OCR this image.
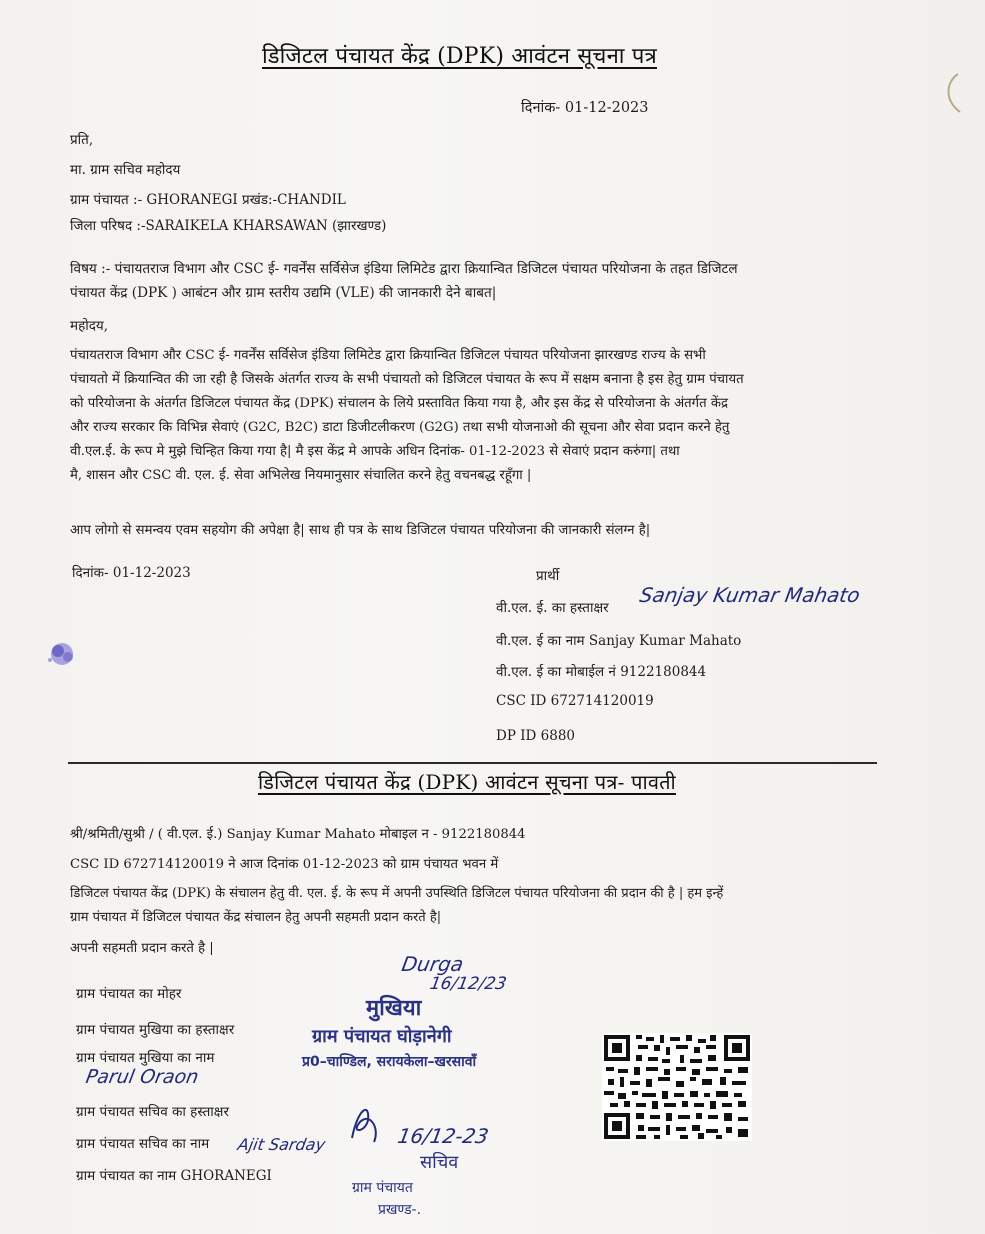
डिजिटल पंचायत केंद्र (DPK) आवंटन सूचना पत्र
दिनांक- 01-12-2023
प्रति,
मा. ग्राम सचिव महोदय
ग्राम पंचायत :- GHORANEGI प्रखंड:-CHANDIL
जिला परिषद :-SARAIKELA KHARSAWAN (झारखण्ड)
विषय :- पंचायतराज विभाग और CSC ई- गवर्नेंस सर्विसेज इंडिया लिमिटेड द्वारा क्रियान्वित डिजिटल पंचायत परियोजना के तहत डिजिटल
पंचायत केंद्र (DPK ) आबंटन और ग्राम स्तरीय उद्यमि (VLE) की जानकारी देने बाबत|
महोदय,
पंचायतराज विभाग और CSC ई- गवर्नेंस सर्विसेज इंडिया लिमिटेड द्वारा क्रियान्वित डिजिटल पंचायत परियोजना झारखण्ड राज्य के सभी
पंचायतो में क्रियान्वित की जा रही है जिसके अंतर्गत राज्य के सभी पंचायतो को डिजिटल पंचायत के रूप में सक्षम बनाना है इस हेतु ग्राम पंचायत
को परियोजना के अंतर्गत डिजिटल पंचायत केंद्र (DPK) संचालन के लिये प्रस्तावित किया गया है, और इस केंद्र से परियोजना के अंतर्गत केंद्र
और राज्य सरकार कि विभिन्न सेवाएं (G2C, B2C) डाटा डिजीटलीकरण (G2G) तथा सभी योजनाओ की सूचना और सेवा प्रदान करने हेतु
वी.एल.ई. के रूप मे मुझे चिन्हित किया गया है| मै इस केंद्र मे आपके अधिन दिनांक- 01-12-2023 से सेवाएं प्रदान करुंगा| तथा
मै, शासन और CSC वी. एल. ई. सेवा अभिलेख नियमानुसार संचालित करने हेतु वचनबद्ध रहूँगा |
आप लोगो से समन्वय एवम सहयोग की अपेक्षा है| साथ ही पत्र के साथ डिजिटल पंचायत परियोजना की जानकारी संलग्न है|
दिनांक- 01-12-2023	प्रार्थी
वी.एल. ई. का हस्ताक्षर
Sanjay Kumar Mahato
वी.एल. ई का नाम Sanjay Kumar Mahato
वी.एल. ई का मोबाईल नं 9122180844
CSC ID 672714120019
DP ID 6880
डिजिटल पंचायत केंद्र (DPK) आवंटन सूचना पत्र- पावती
श्री/श्रमिती/सुश्री / ( वी.एल. ई.) Sanjay Kumar Mahato मोबाइल न - 9122180844
CSC ID 672714120019 ने आज दिनांक 01-12-2023 को ग्राम पंचायत भवन में
डिजिटल पंचायत केंद्र (DPK) के संचालन हेतु वी. एल. ई. के रूप में अपनी उपस्थिति डिजिटल पंचायत परियोजना की प्रदान की है | हम इन्हें
ग्राम पंचायत में डिजिटल पंचायत केंद्र संचालन हेतु अपनी सहमती प्रदान करते है|
अपनी सहमती प्रदान करते है |
ग्राम पंचायत का मोहर
ग्राम पंचायत मुखिया का हस्ताक्षर
ग्राम पंचायत मुखिया का नाम
Parul Oraon
ग्राम पंचायत सचिव का हस्ताक्षर
ग्राम पंचायत सचिव का नाम Ajit Sarday
ग्राम पंचायत का नाम GHORANEGI
Durga
16/12/23
मुखिया
ग्राम पंचायत घोड़ानेगी
प्र0–चाण्डिल, सरायकेला–खरसावाँ
16/12-23
सचिव
ग्राम पंचायत
प्रखण्ड-.
